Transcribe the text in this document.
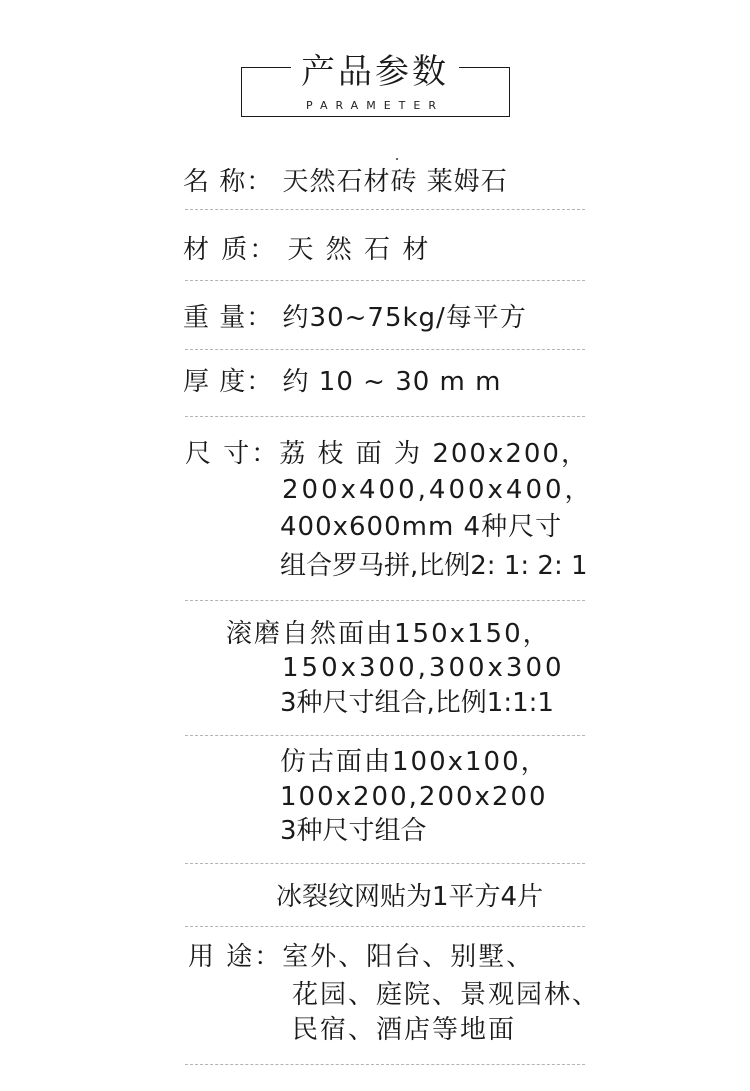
产品参数
PARAMETER
名 称： 天然石材砖 莱姆石
材 质： 天 然 石 材
重 量： 约30~75kg/每平方
厚 度： 约 10 ~ 30 m m
尺 寸：荔 枝 面 为 200x200，
200x400,400x400，
400x600mm 4种尺寸
组合罗马拼,比例2: 1: 2: 1
滚磨自然面由150x150，
150x300,300x300
3种尺寸组合,比例1:1:1
仿古面由100x100，
100x200,200x200
3种尺寸组合
冰裂纹网贴为1平方4片
用 途：室外、阳台、别墅、
花园、庭院、景观园林、
民宿、酒店等地面
